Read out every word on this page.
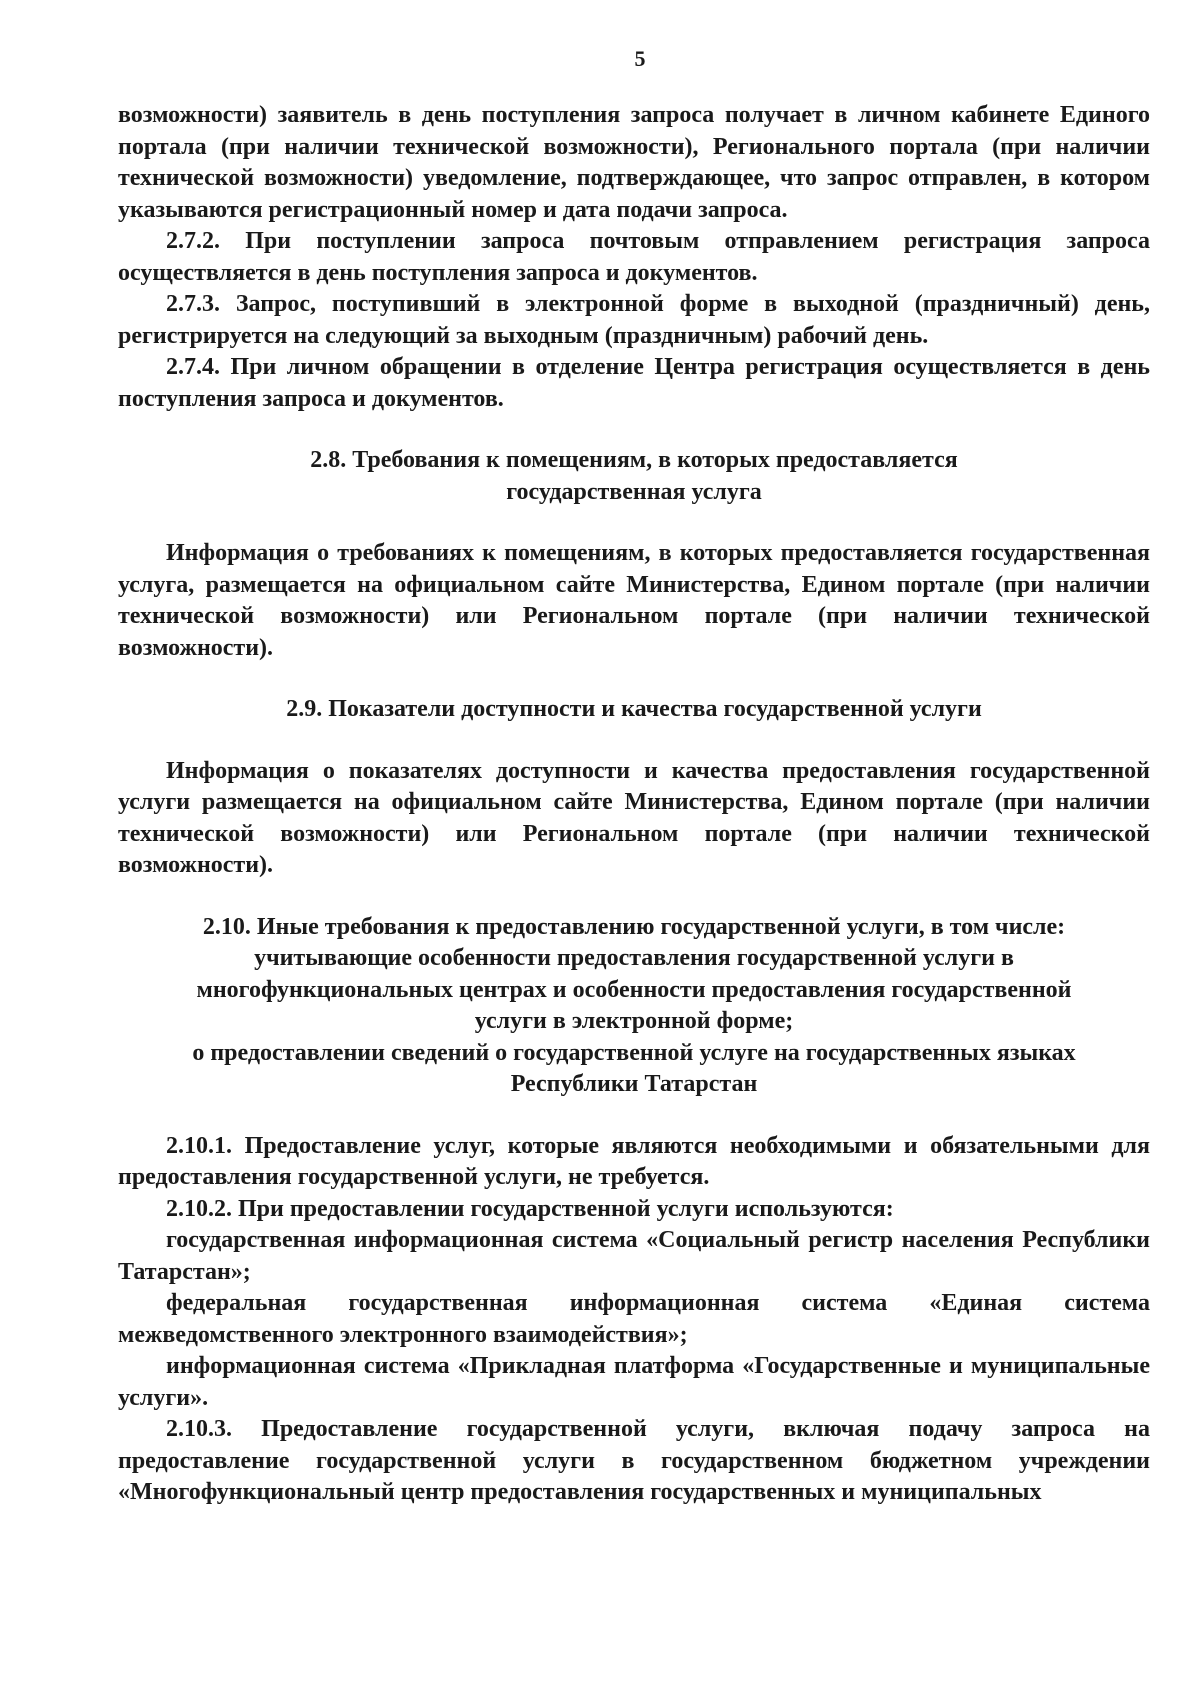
5

возможности) заявитель в день поступления запроса получает в личном кабинете Единого портала (при наличии технической возможности), Регионального портала (при наличии технической возможности) уведомление, подтверждающее, что запрос отправлен, в котором указываются регистрационный номер и дата подачи запроса.

2.7.2. При поступлении запроса почтовым отправлением регистрация запроса осуществляется в день поступления запроса и документов.

2.7.3. Запрос, поступивший в электронной форме в выходной (праздничный) день, регистрируется на следующий за выходным (праздничным) рабочий день.

2.7.4. При личном обращении в отделение Центра регистрация осуществляется в день поступления запроса и документов.

2.8. Требования к помещениям, в которых предоставляется

государственная услуга

Информация о требованиях к помещениям, в которых предоставляется государственная услуга, размещается на официальном сайте Министерства, Едином портале (при наличии технической возможности) или Региональном портале (при наличии технической возможности).

2.9. Показатели доступности и качества государственной услуги

Информация о показателях доступности и качества предоставления государственной услуги размещается на официальном сайте Министерства, Едином портале (при наличии технической возможности) или Региональном портале (при наличии технической возможности).

2.10. Иные требования к предоставлению государственной услуги, в том числе:

учитывающие особенности предоставления государственной услуги в

многофункциональных центрах и особенности предоставления государственной

услуги в электронной форме;

о предоставлении сведений о государственной услуге на государственных языках

Республики Татарстан

2.10.1. Предоставление услуг, которые являются необходимыми и обязательными для предоставления государственной услуги, не требуется.

2.10.2. При предоставлении государственной услуги используются:

государственная информационная система «Социальный регистр населения Республики Татарстан»;

федеральная государственная информационная система «Единая система межведомственного электронного взаимодействия»;

информационная система «Прикладная платформа «Государственные и муниципальные услуги».

2.10.3. Предоставление государственной услуги, включая подачу запроса на предоставление государственной услуги в государственном бюджетном учреждении «Многофункциональный центр предоставления государственных и муниципальных
